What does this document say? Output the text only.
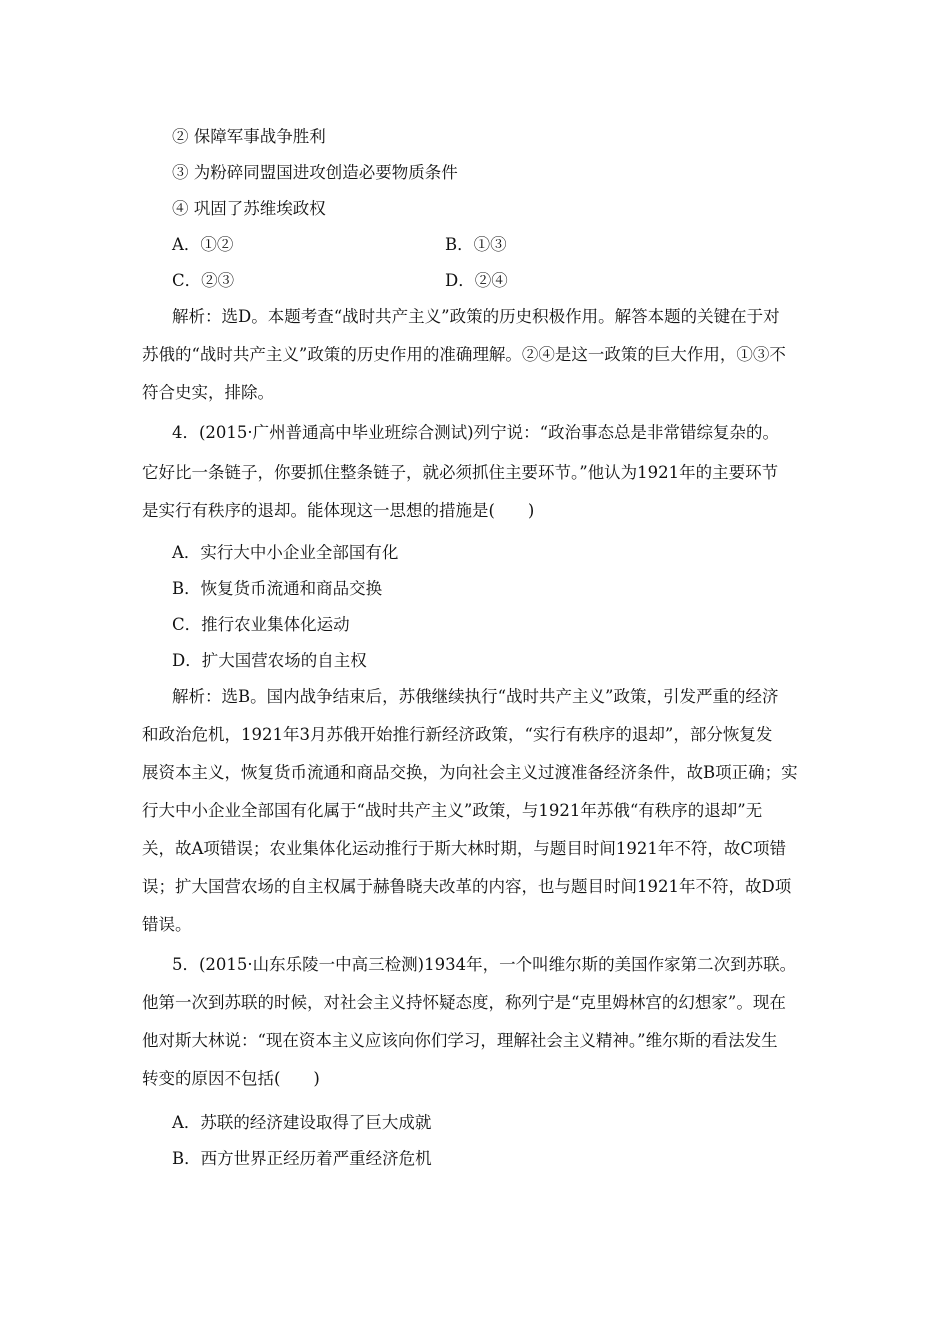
② 保障军事战争胜利
③ 为粉碎同盟国进攻创造必要物质条件
④ 巩固了苏维埃政权
A．①②	B．①③
C．②③	D．②④
解析：选D。本题考查“战时共产主义”政策的历史积极作用。解答本题的关键在于对
苏俄的“战时共产主义”政策的历史作用的准确理解。②④是这一政策的巨大作用，①③不
符合史实，排除。
4．(2015·广州普通高中毕业班综合测试)列宁说：“政治事态总是非常错综复杂的。
它好比一条链子，你要抓住整条链子，就必须抓住主要环节。”他认为1921年的主要环节
是实行有秩序的退却。能体现这一思想的措施是(　　)
A．实行大中小企业全部国有化
B．恢复货币流通和商品交换
C．推行农业集体化运动
D．扩大国营农场的自主权
解析：选B。国内战争结束后，苏俄继续执行“战时共产主义”政策，引发严重的经济
和政治危机，1921年3月苏俄开始推行新经济政策，“实行有秩序的退却”，部分恢复发
展资本主义，恢复货币流通和商品交换，为向社会主义过渡准备经济条件，故B项正确；实
行大中小企业全部国有化属于“战时共产主义”政策，与1921年苏俄“有秩序的退却”无
关，故A项错误；农业集体化运动推行于斯大林时期，与题目时间1921年不符，故C项错
误；扩大国营农场的自主权属于赫鲁晓夫改革的内容，也与题目时间1921年不符，故D项
错误。
5．(2015·山东乐陵一中高三检测)1934年，一个叫维尔斯的美国作家第二次到苏联。
他第一次到苏联的时候，对社会主义持怀疑态度，称列宁是“克里姆林宫的幻想家”。现在
他对斯大林说：“现在资本主义应该向你们学习，理解社会主义精神。”维尔斯的看法发生
转变的原因不包括(　　)
A．苏联的经济建设取得了巨大成就
B．西方世界正经历着严重经济危机
